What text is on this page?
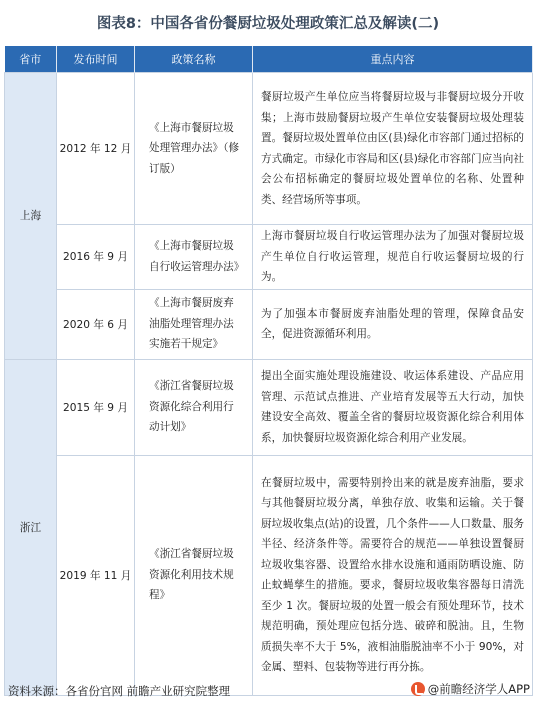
图表8：中国各省份餐厨垃圾处理政策汇总及解读(二)
省市	发布时间	政策名称	重点内容
上海	2012 年 12 月	《上海市餐厨垃圾处理管理办法》（修订版）	餐厨垃圾产生单位应当将餐厨垃圾与非餐厨垃圾分开收集；上海市鼓励餐厨垃圾产生单位安装餐厨垃圾处理装置。餐厨垃圾处置单位由区(县)绿化市容部门通过招标的方式确定。市绿化市容局和区(县)绿化市容部门应当向社会公布招标确定的餐厨垃圾处置单位的名称、处置种类、经营场所等事项。
	2016 年 9 月	《上海市餐厨垃圾自行收运管理办法》	上海市餐厨垃圾自行收运管理办法为了加强对餐厨垃圾产生单位自行收运管理，规范自行收运餐厨垃圾的行为。
	2020 年 6 月	《上海市餐厨废弃油脂处理管理办法实施若干规定》	为了加强本市餐厨废弃油脂处理的管理，保障食品安全，促进资源循环利用。
浙江	2015 年 9 月	《浙江省餐厨垃圾资源化综合利用行动计划》	提出全面实施处理设施建设、收运体系建设、产品应用管理、示范试点推进、产业培育发展等五大行动，加快建设安全高效、覆盖全省的餐厨垃圾资源化综合利用体系，加快餐厨垃圾资源化综合利用产业发展。
	2019 年 11 月	《浙江省餐厨垃圾资源化利用技术规程》	在餐厨垃圾中，需要特别拎出来的就是废弃油脂，要求与其他餐厨垃圾分离，单独存放、收集和运输。关于餐厨垃圾收集点(站)的设置，几个条件——人口数量、服务半径、经济条件等。需要符合的规范——单独设置餐厨垃圾收集容器、设置给水排水设施和通雨防晒设施、防止蚊蝇孳生的措施。要求，餐厨垃圾收集容器每日清洗至少 1 次。餐厨垃圾的处置一般会有预处理环节，技术规范明确，预处理应包括分选、破碎和脱油。且，生物质损失率不大于 5%，液相油脂脱油率不小于 90%，对金属、塑料、包装物等进行再分拣。
资料来源：各省份官网 前瞻产业研究院整理	@前瞻经济学人APP
